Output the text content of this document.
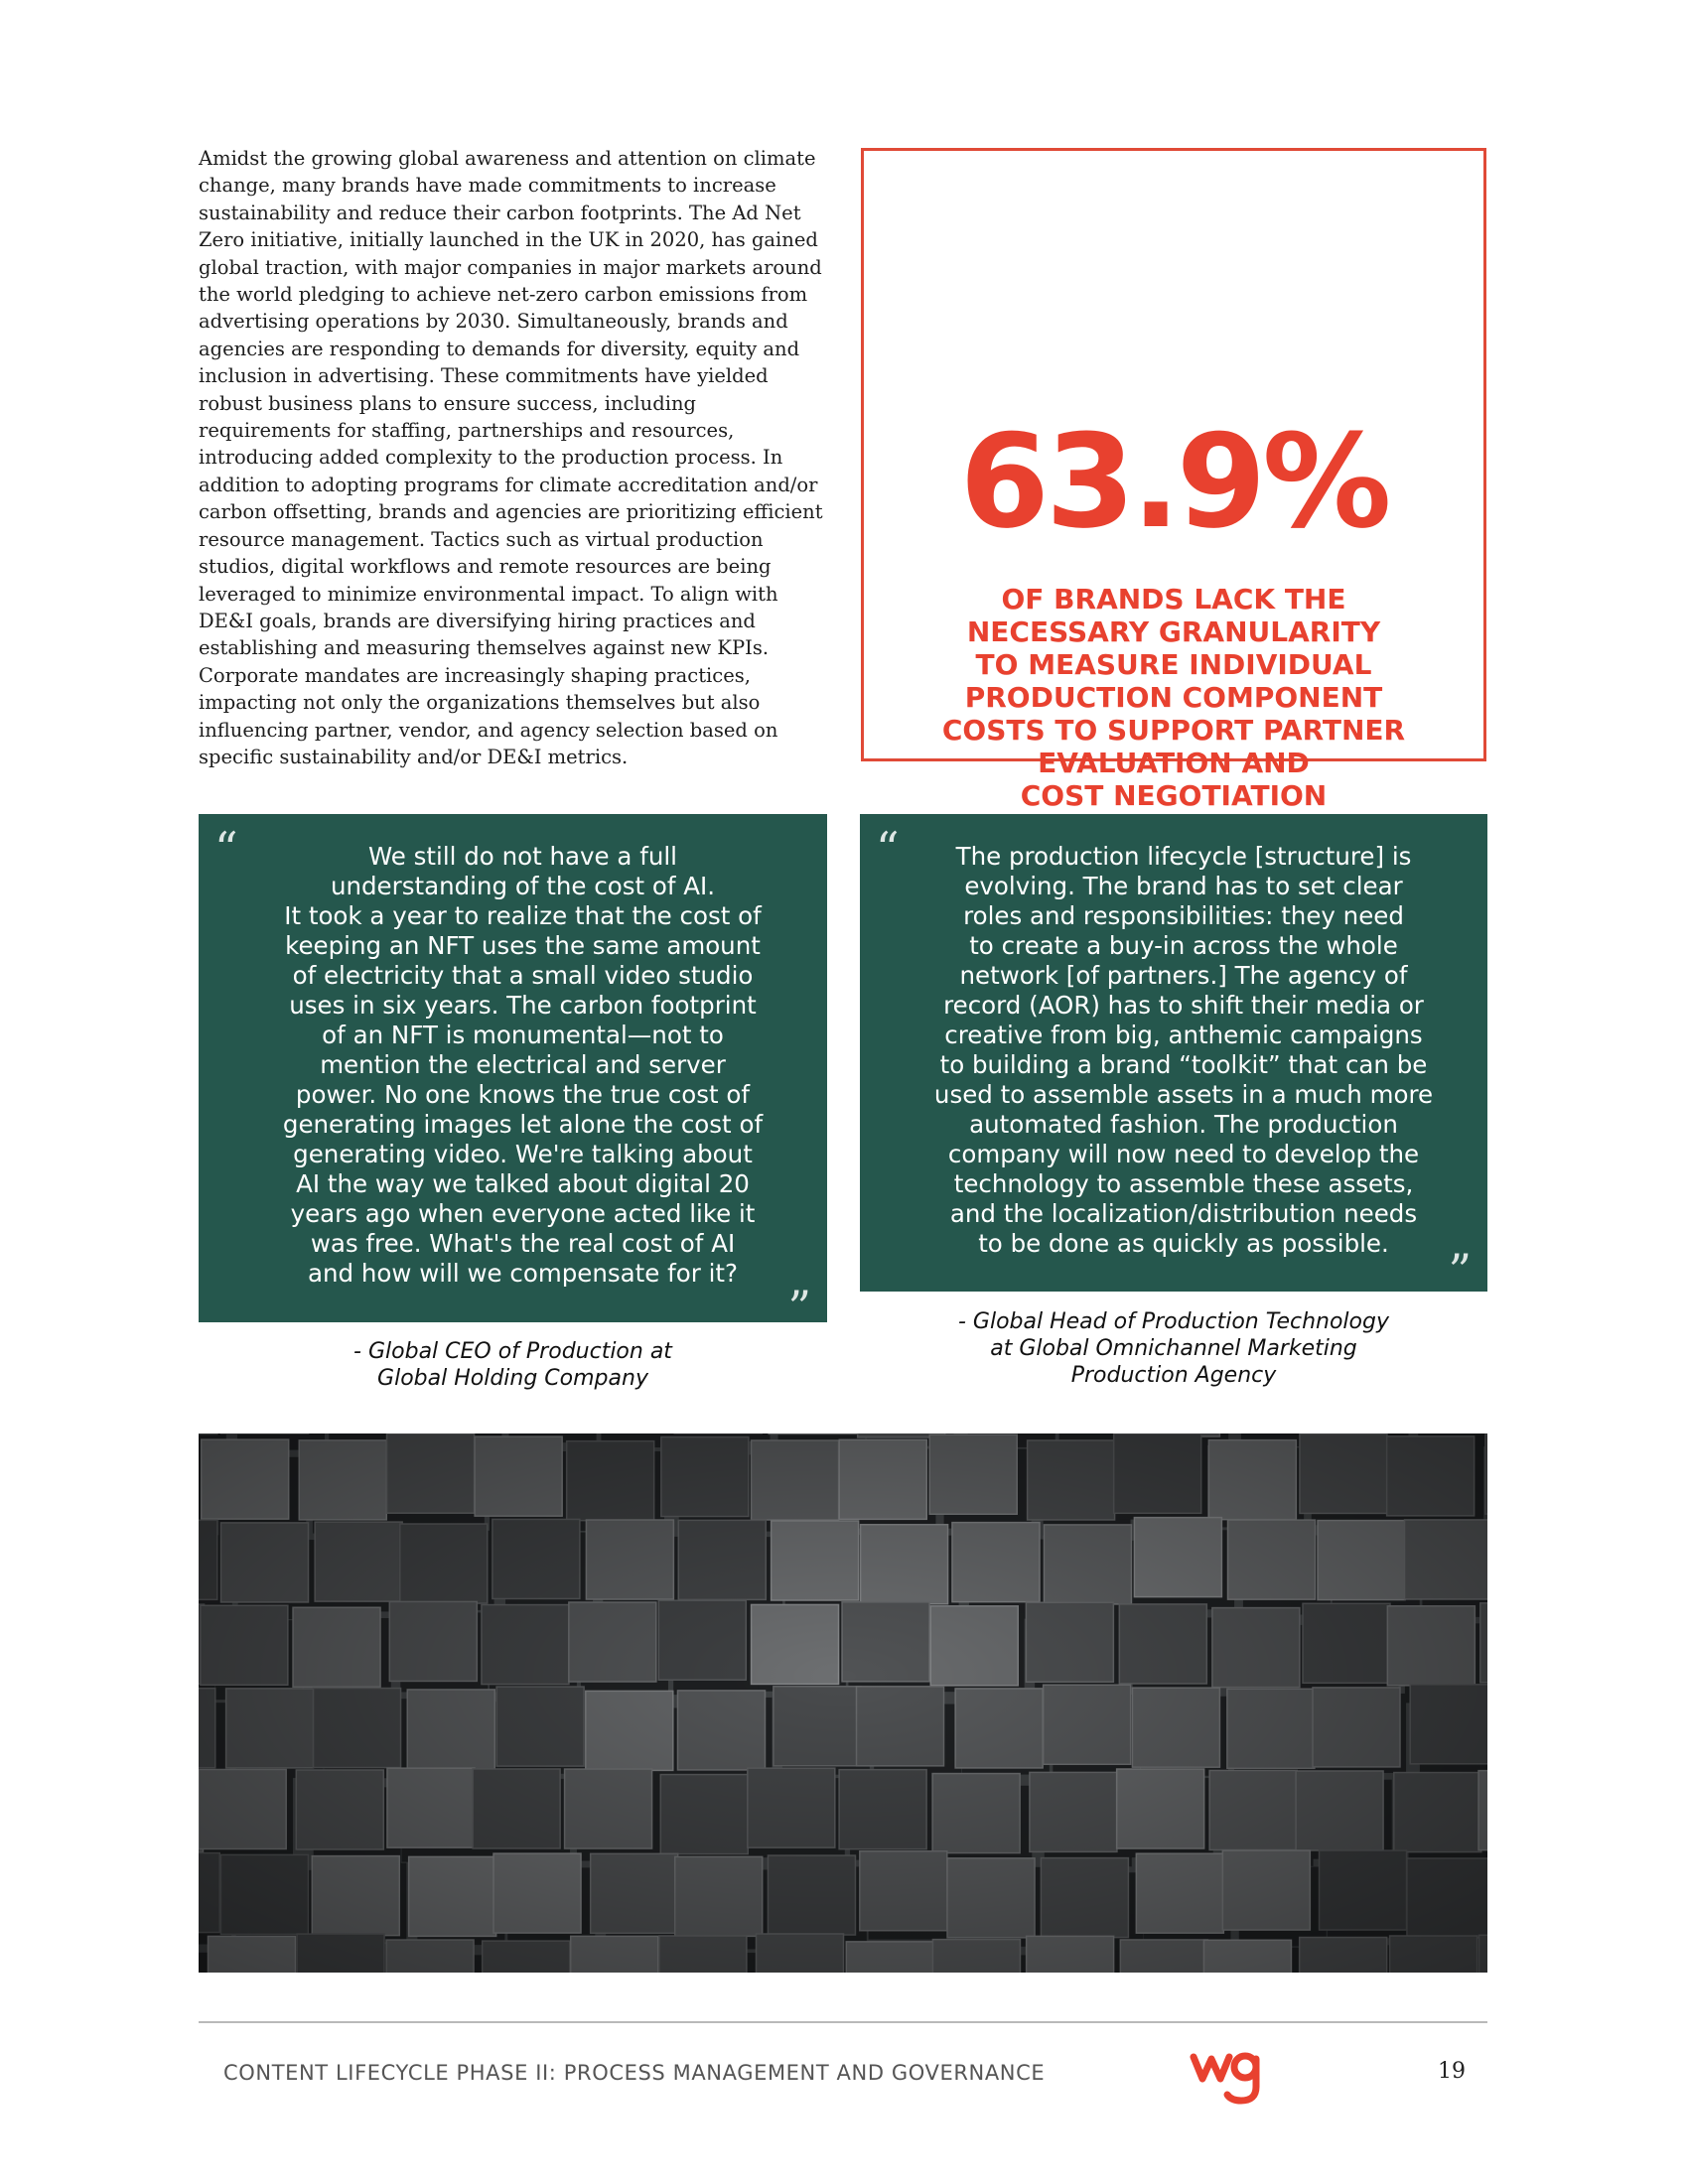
Amidst the growing global awareness and attention on climate change, many brands have made commitments to increase sustainability and reduce their carbon footprints. The Ad Net Zero initiative, initially launched in the UK in 2020, has gained global traction, with major companies in major markets around the world pledging to achieve net-zero carbon emissions from advertising operations by 2030. Simultaneously, brands and agencies are responding to demands for diversity, equity and inclusion in advertising. These commitments have yielded robust business plans to ensure success, including requirements for staffing, partnerships and resources, introducing added complexity to the production process. In addition to adopting programs for climate accreditation and/or carbon offsetting, brands and agencies are prioritizing efficient resource management. Tactics such as virtual production studios, digital workflows and remote resources are being leveraged to minimize environmental impact. To align with DE&I goals, brands are diversifying hiring practices and establishing and measuring themselves against new KPIs. Corporate mandates are increasingly shaping practices, impacting not only the organizations themselves but also influencing partner, vendor, and agency selection based on specific sustainability and/or DE&I metrics.

63.9%
OF BRANDS LACK THE
NECESSARY GRANULARITY
TO MEASURE INDIVIDUAL
PRODUCTION COMPONENT
COSTS TO SUPPORT PARTNER
EVALUATION AND
COST NEGOTIATION
“	We still do not have a full
understanding of the cost of AI.
It took a year to realize that the cost of
keeping an NFT uses the same amount
of electricity that a small video studio
uses in six years. The carbon footprint
of an NFT is monumental—not to
mention the electrical and server
power. No one knows the true cost of
generating images let alone the cost of
generating video. We're talking about
AI the way we talked about digital 20
years ago when everyone acted like it
was free. What's the real cost of AI
and how will we compensate for it?

”

- Global CEO of Production at
Global Holding Company

“	The production lifecycle [structure] is
evolving. The brand has to set clear
roles and responsibilities: they need
to create a buy-in across the whole
network [of partners.] The agency of
record (AOR) has to shift their media or
creative from big, anthemic campaigns
to building a brand “toolkit” that can be
used to assemble assets in a much more
automated fashion. The production
company will now need to develop the
technology to assemble these assets,
and the localization/distribution needs
to be done as quickly as possible.

”

- Global Head of Production Technology
at Global Omnichannel Marketing
Production Agency

CONTENT LIFECYCLE PHASE II: PROCESS MANAGEMENT AND GOVERNANCE	19
